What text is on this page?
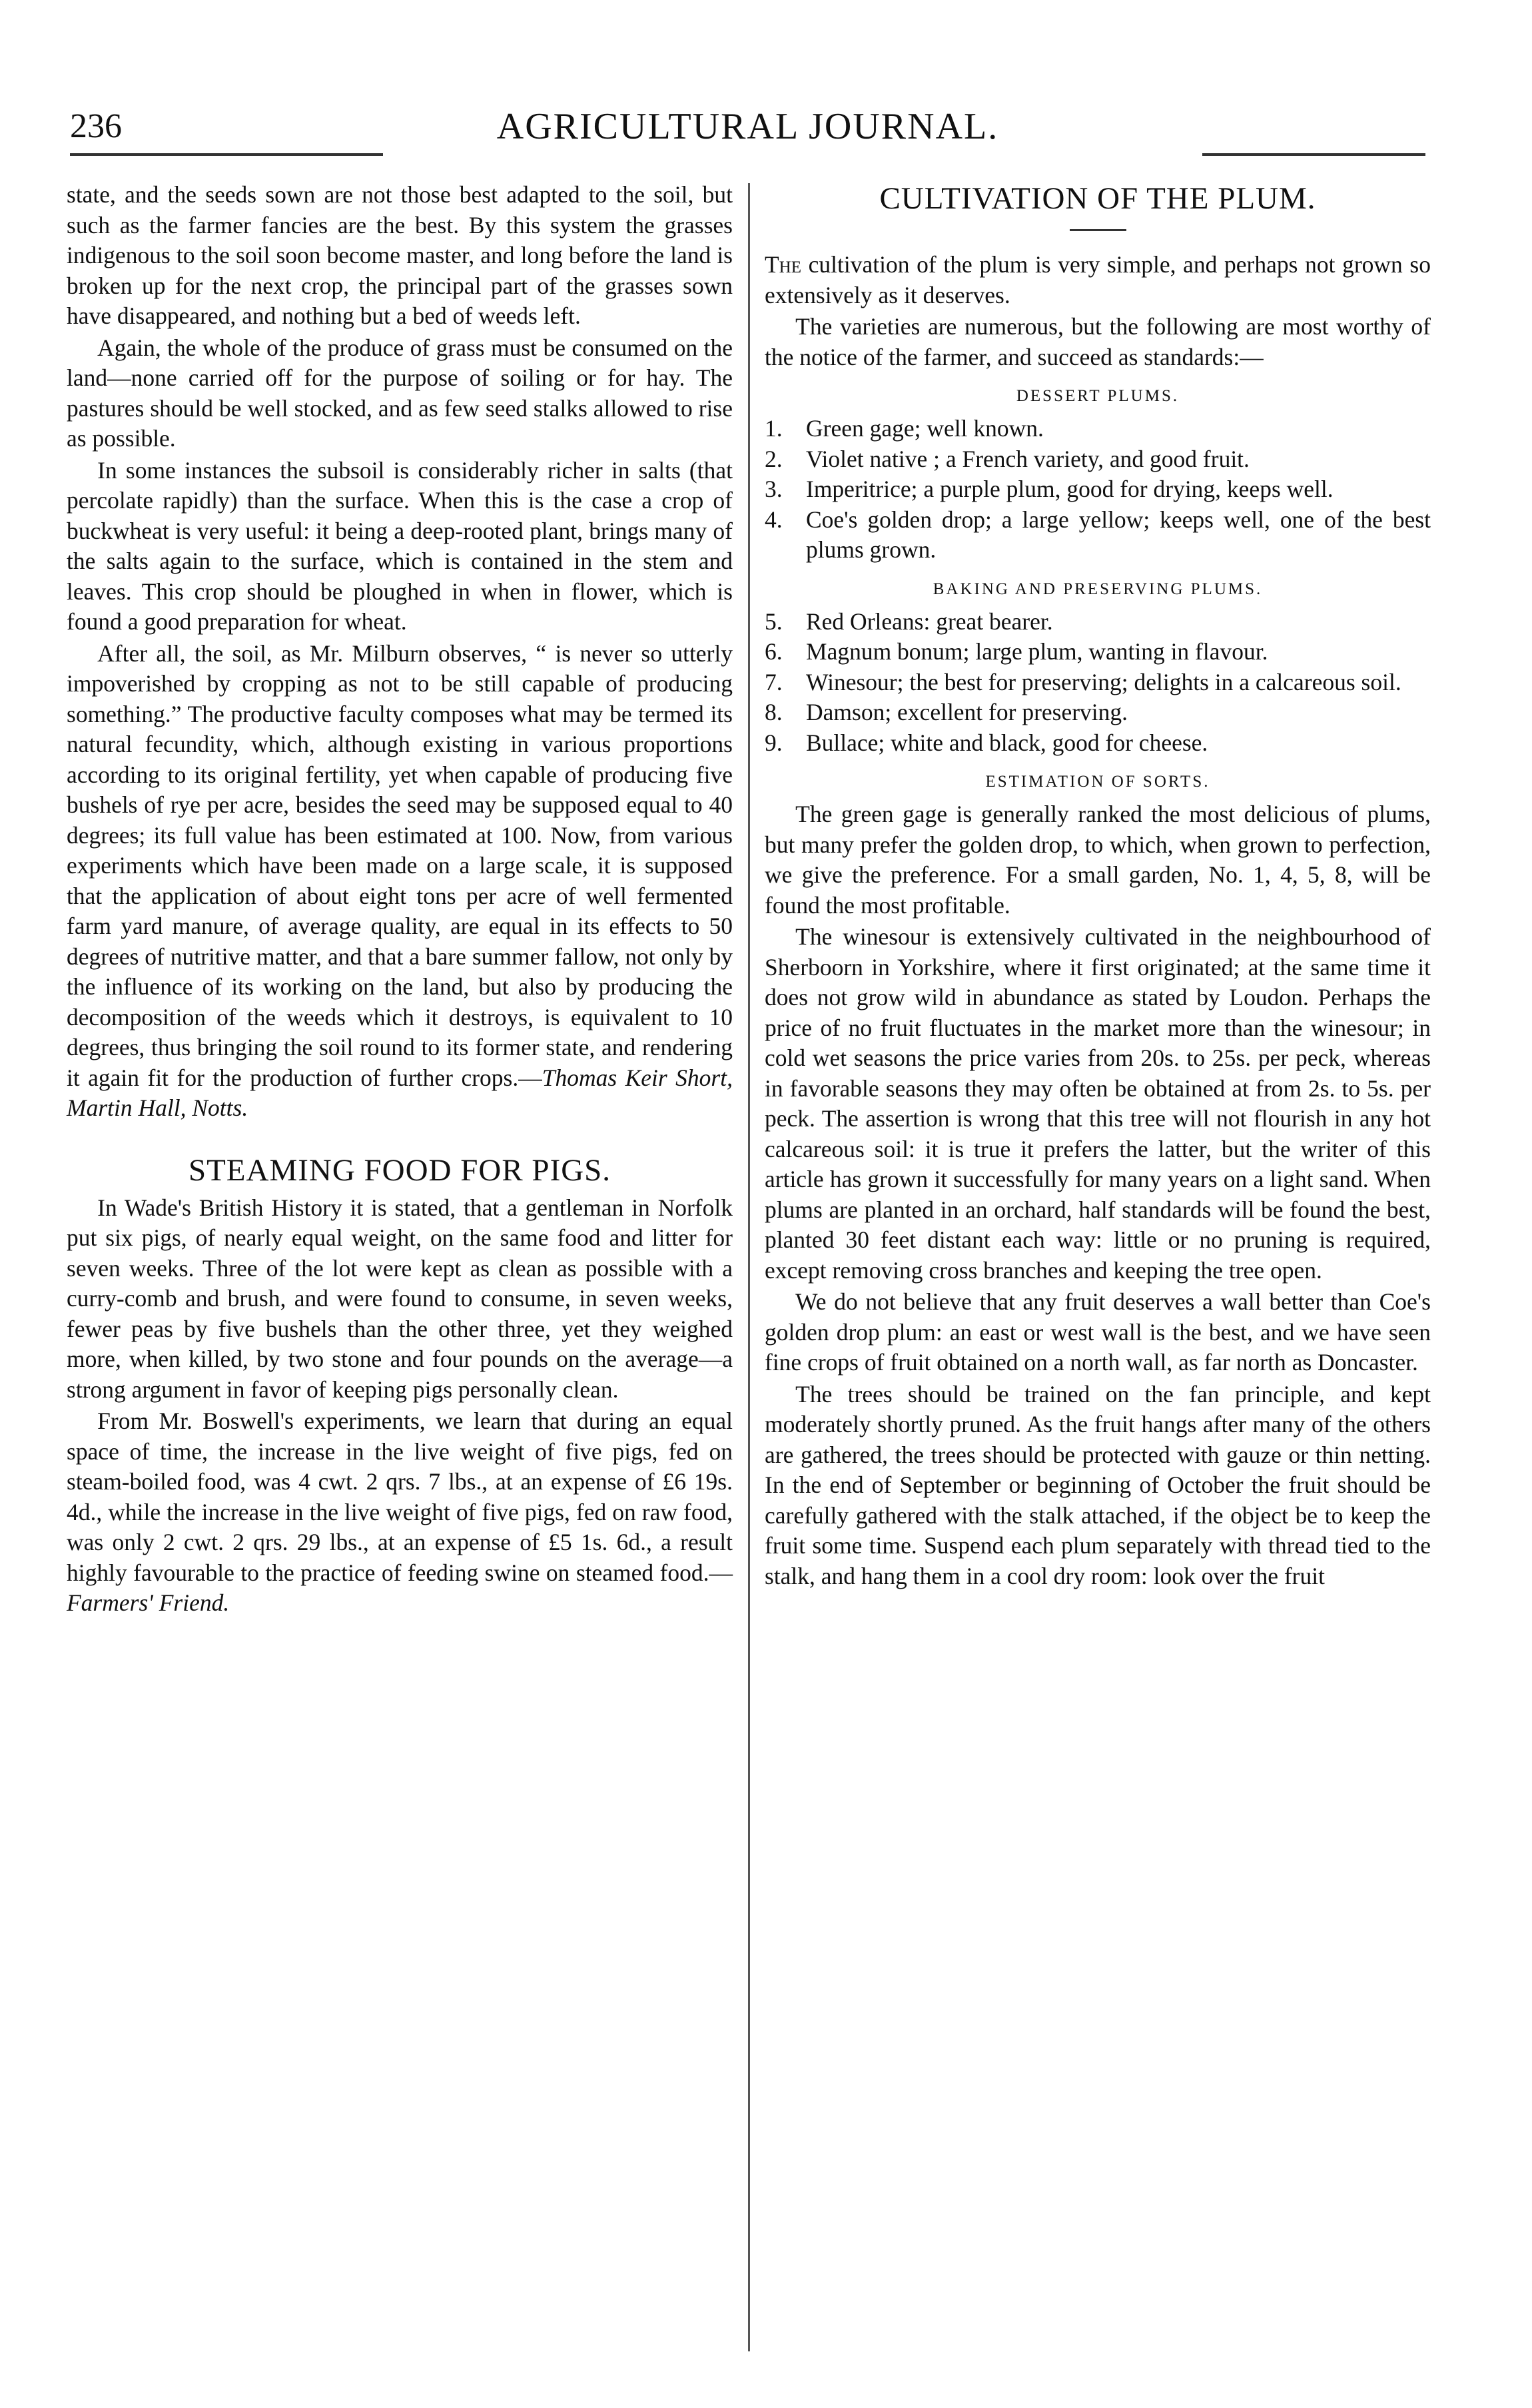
236	AGRICULTURAL JOURNAL.

state, and the seeds sown are not those best adapted to the soil, but such as the farmer fancies are the best. By this system the grasses indigenous to the soil soon become master, and long before the land is broken up for the next crop, the principal part of the grasses sown have disappeared, and nothing but a bed of weeds left.

Again, the whole of the produce of grass must be consumed on the land—none carried off for the purpose of soiling or for hay. The pastures should be well stocked, and as few seed stalks allowed to rise as possible.

In some instances the subsoil is considerably richer in salts (that percolate rapidly) than the surface. When this is the case a crop of buckwheat is very useful: it being a deep-rooted plant, brings many of the salts again to the surface, which is contained in the stem and leaves. This crop should be ploughed in when in flower, which is found a good preparation for wheat.

After all, the soil, as Mr. Milburn observes, “ is never so utterly impoverished by cropping as not to be still capable of producing something.” The productive faculty composes what may be termed its natural fecundity, which, although existing in various proportions according to its original fertility, yet when capable of producing five bushels of rye per acre, besides the seed may be supposed equal to 40 degrees; its full value has been estimated at 100. Now, from various experiments which have been made on a large scale, it is supposed that the application of about eight tons per acre of well fermented farm yard manure, of average quality, are equal in its effects to 50 degrees of nutritive matter, and that a bare summer fallow, not only by the influence of its working on the land, but also by producing the decomposition of the weeds which it destroys, is equivalent to 10 degrees, thus bringing the soil round to its former state, and rendering it again fit for the production of further crops.—Thomas Keir Short, Martin Hall, Notts.

STEAMING FOOD FOR PIGS.

In Wade's British History it is stated, that a gentleman in Norfolk put six pigs, of nearly equal weight, on the same food and litter for seven weeks. Three of the lot were kept as clean as possible with a curry-comb and brush, and were found to consume, in seven weeks, fewer peas by five bushels than the other three, yet they weighed more, when killed, by two stone and four pounds on the average—a strong argument in favor of keeping pigs personally clean.

From Mr. Boswell's experiments, we learn that during an equal space of time, the increase in the live weight of five pigs, fed on steam-boiled food, was 4 cwt. 2 qrs. 7 lbs., at an expense of £6 19s. 4d., while the increase in the live weight of five pigs, fed on raw food, was only 2 cwt. 2 qrs. 29 lbs., at an expense of £5 1s. 6d., a result highly favourable to the practice of feeding swine on steamed food.—Farmers' Friend.

CULTIVATION OF THE PLUM.

The cultivation of the plum is very simple, and perhaps not grown so extensively as it deserves.

The varieties are numerous, but the following are most worthy of the notice of the farmer, and succeed as standards:—

DESSERT PLUMS.
1. Green gage; well known.
2. Violet native ; a French variety, and good fruit.
3. Imperitrice; a purple plum, good for drying, keeps well.
4. Coe's golden drop; a large yellow; keeps well, one of the best plums grown.
BAKING AND PRESERVING PLUMS.
5. Red Orleans: great bearer.
6. Magnum bonum; large plum, wanting in flavour.
7. Winesour; the best for preserving; delights in a calcareous soil.
8. Damson; excellent for preserving.
9. Bullace; white and black, good for cheese.
ESTIMATION OF SORTS.

The green gage is generally ranked the most delicious of plums, but many prefer the golden drop, to which, when grown to perfection, we give the preference. For a small garden, No. 1, 4, 5, 8, will be found the most profitable.

The winesour is extensively cultivated in the neighbourhood of Sherboorn in Yorkshire, where it first originated; at the same time it does not grow wild in abundance as stated by Loudon. Perhaps the price of no fruit fluctuates in the market more than the winesour; in cold wet seasons the price varies from 20s. to 25s. per peck, whereas in favorable seasons they may often be obtained at from 2s. to 5s. per peck. The assertion is wrong that this tree will not flourish in any hot calcareous soil: it is true it prefers the latter, but the writer of this article has grown it successfully for many years on a light sand. When plums are planted in an orchard, half standards will be found the best, planted 30 feet distant each way: little or no pruning is required, except removing cross branches and keeping the tree open.

We do not believe that any fruit deserves a wall better than Coe's golden drop plum: an east or west wall is the best, and we have seen fine crops of fruit obtained on a north wall, as far north as Doncaster.

The trees should be trained on the fan principle, and kept moderately shortly pruned. As the fruit hangs after many of the others are gathered, the trees should be protected with gauze or thin netting. In the end of September or beginning of October the fruit should be carefully gathered with the stalk attached, if the object be to keep the fruit some time. Suspend each plum separately with thread tied to the stalk, and hang them in a cool dry room: look over the fruit
